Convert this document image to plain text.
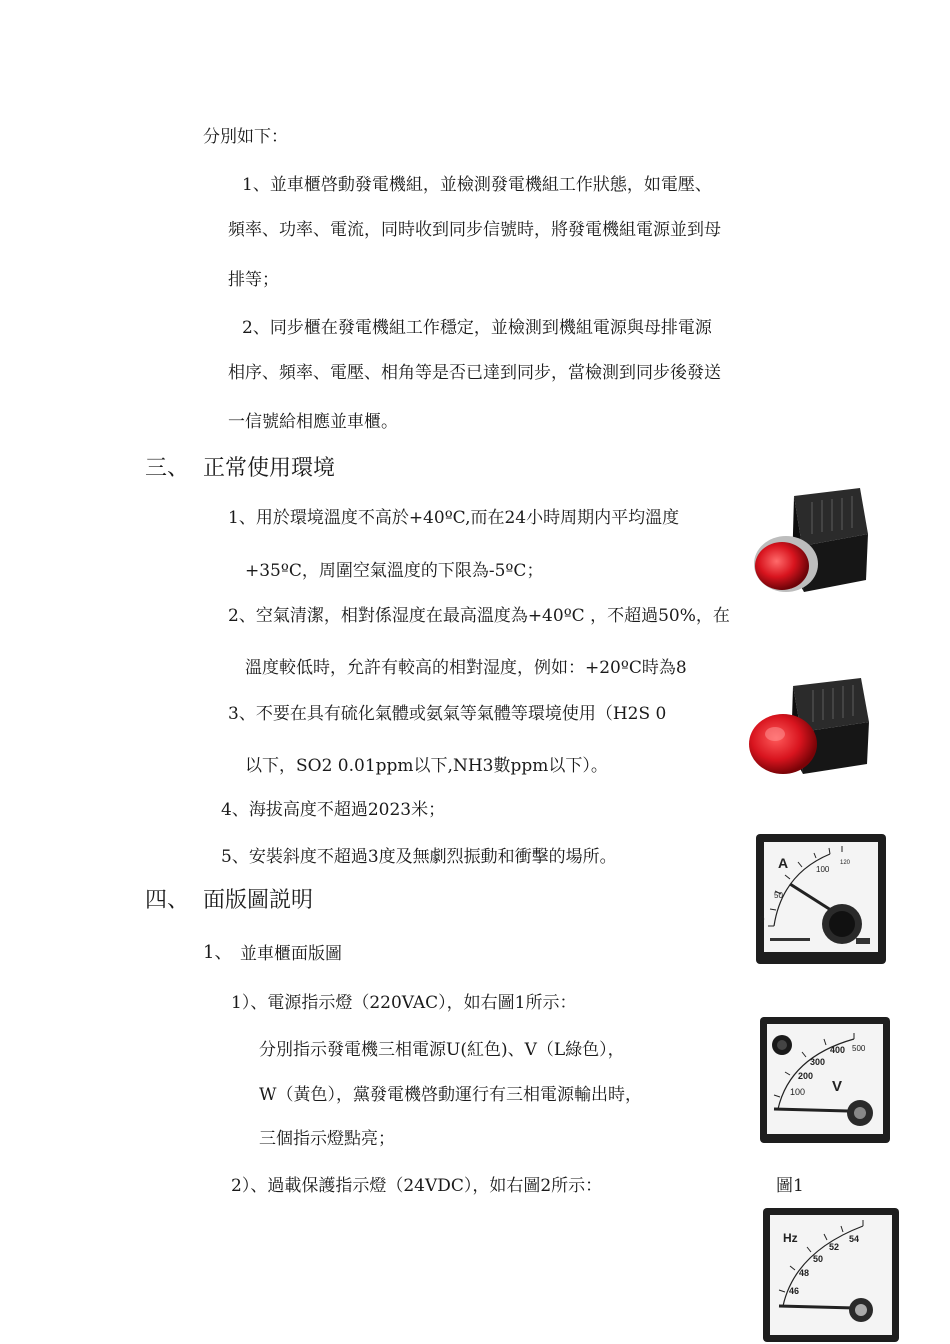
分別如下：
1、並車櫃啓動發電機組，並檢測發電機組工作狀態，如電壓、
頻率、功率、電流，同時收到同步信號時，將發電機組電源並到母
排等；
2、同步櫃在發電機組工作穩定，並檢測到機組電源與母排電源
相序、頻率、電壓、相角等是否已達到同步，當檢測到同步後發送
一信號給相應並車櫃。
三、 正常使用環境
1、用於環境溫度不高於+40ºC,而在24小時周期内平均溫度
+35ºC，周圍空氣溫度的下限為-5ºC；
2、空氣清潔，相對係湿度在最高溫度為+40ºC ，不超過50%，在
溫度較低時，允許有較高的相對湿度，例如：+20ºC時為8
3、不要在具有硫化氣體或氨氣等氣體等環境使用（H2S 0
以下，SO2 0.01ppm以下,NH3數ppm以下）。
4、海拔高度不超過2023米；
5、安裝斜度不超過3度及無劇烈振動和衝擊的場所。
四、 面版圖説明
1、 並車櫃面版圖
1）、電源指示燈（220VAC），如右圖1所示：
分別指示發電機三相電源U(紅色)、V（L綠色），
W（黃色），黨發電機啓動運行有三相電源輸出時，
三個指示燈點亮；
2）、過載保護指示燈（24VDC），如右圖2所示：	圖1
A
0
50
100
120
100
200
300
400 500
V
Hz
46
48
50
52
54
